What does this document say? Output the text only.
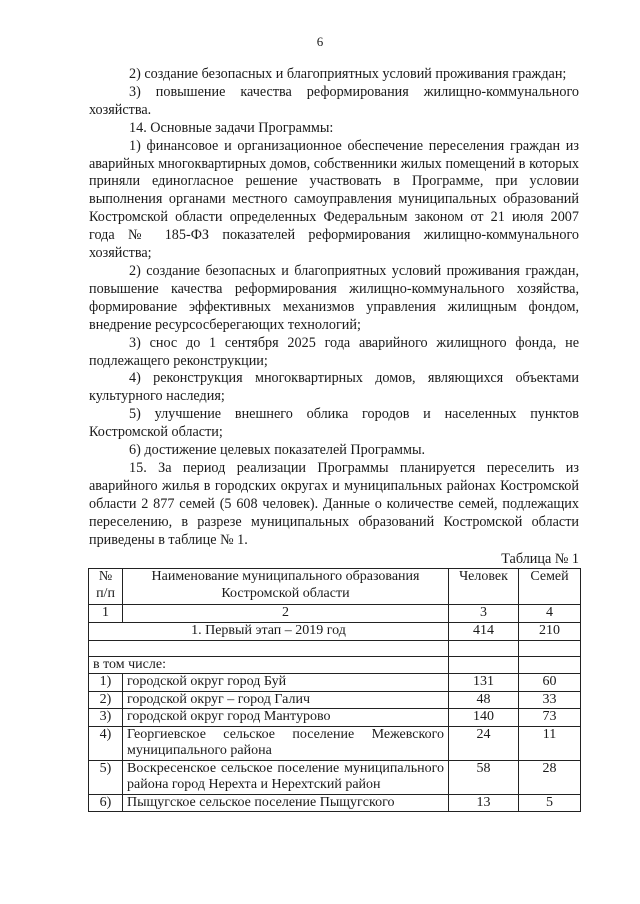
6

2) создание безопасных и благоприятных условий проживания граждан;

3) повышение качества реформирования жилищно-коммунального хозяйства.

14. Основные задачи Программы:

1) финансовое и организационное обеспечение переселения граждан из аварийных многоквартирных домов, собственники жилых помещений в которых приняли единогласное решение участвовать в Программе, при условии выполнения органами местного самоуправления муниципальных образований Костромской области определенных Федеральным законом от 21 июля 2007 года № 185-ФЗ показателей реформирования жилищно-коммунального хозяйства;

2) создание безопасных и благоприятных условий проживания граждан, повышение качества реформирования жилищно-коммунального хозяйства, формирование эффективных механизмов управления жилищным фондом, внедрение ресурсосберегающих технологий;

3) снос до 1 сентября 2025 года аварийного жилищного фонда, не подлежащего реконструкции;

4) реконструкция многоквартирных домов, являющихся объектами культурного наследия;

5) улучшение внешнего облика городов и населенных пунктов Костромской области;

6) достижение целевых показателей Программы.

15. За период реализации Программы планируется переселить из аварийного жилья в городских округах и муниципальных районах Костромской области 2 877 семей (5 608 человек). Данные о количестве семей, подлежащих переселению, в разрезе муниципальных образований Костромской области приведены в таблице № 1.

Таблица № 1
№ п/п	Наименование муниципального образования Костромской области	Человек	Семей
1	2	3	4
1. Первый этап – 2019 год		414	210

в том числе:			
1)	городской округ город Буй	131	60
2)	городской округ – город Галич	48	33
3)	городской округ город Мантурово	140	73
4)	Георгиевское сельское поселение Межевского муниципального района	24	11
5)	Воскресенское сельское поселение муниципального района город Нерехта и Нерехтский район	58	28
6)	Пыщугское сельское поселение Пыщугского	13	5
